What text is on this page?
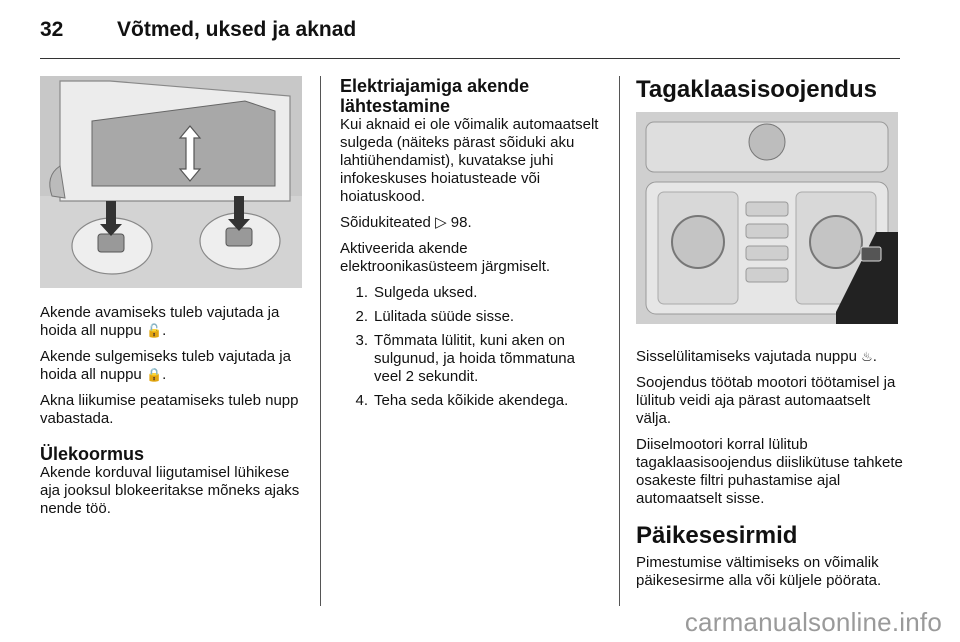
32	Võtmed, uksed ja aknad

Akende avamiseks tuleb vajutada ja hoida all nuppu 🔓.

Akende sulgemiseks tuleb vajutada ja hoida all nuppu 🔒.

Akna liikumise peatamiseks tuleb nupp vabastada.

Ülekoormus

Akende korduval liigutamisel lühikese aja jooksul blokeeritakse mõneks ajaks nende töö.

Elektriajamiga akende lähtestamine

Kui aknaid ei ole võimalik automaatselt sulgeda (näiteks pärast sõiduki aku lahtiühendamist), kuvatakse juhi infokeskuses hoiatusteade või hoiatuskood.

Sõidukiteated ▷ 98.

Aktiveerida akende elektroonikasüsteem järgmiselt.

1. Sulgeda uksed.
2. Lülitada süüde sisse.
3. Tõmmata lülitit, kuni aken on sulgunud, ja hoida tõmmatuna veel 2 sekundit.
4. Teha seda kõikide akendega.
Tagaklaasisoojendus

Sisselülitamiseks vajutada nuppu ♨.

Soojendus töötab mootori töötamisel ja lülitub veidi aja pärast automaatselt välja.

Diiselmootori korral lülitub tagaklaasisoojendus diislikütuse tahkete osakeste filtri puhastamise ajal automaatselt sisse.

Päikesesirmid

Pimestumise vältimiseks on võimalik päikesesirme alla või küljele pöörata.

carmanualsonline.info
